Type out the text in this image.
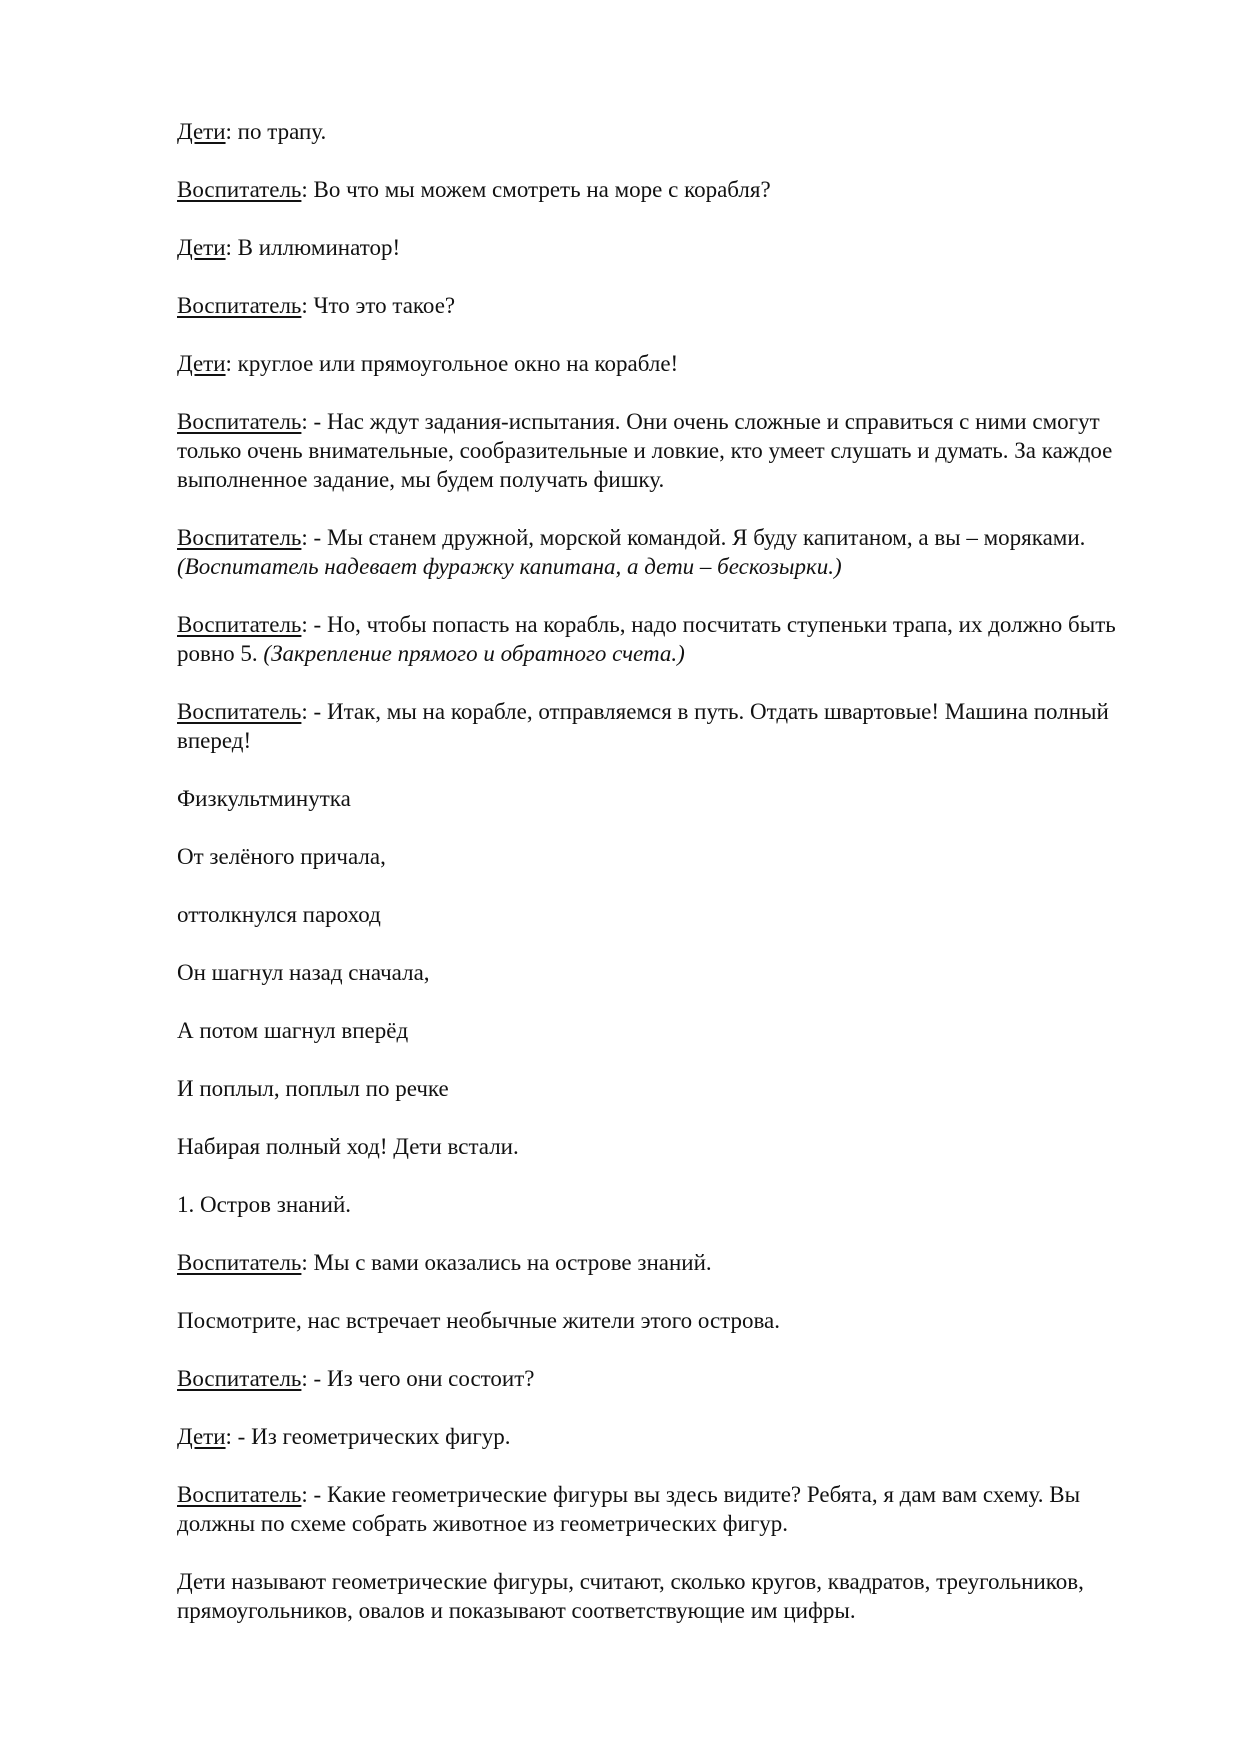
Дети: по трапу.

Воспитатель: Во что мы можем смотреть на море с корабля?

Дети: В иллюминатор!

Воспитатель: Что это такое?

Дети: круглое или прямоугольное окно на корабле!

Воспитатель: - Нас ждут задания-испытания. Они очень сложные и справиться с ними смогут только очень внимательные, сообразительные и ловкие, кто умеет слушать и думать. За каждое выполненное задание, мы будем получать фишку.

Воспитатель: - Мы станем дружной, морской командой. Я буду капитаном, а вы – моряками. (Воспитатель надевает фуражку капитана, а дети – бескозырки.)

Воспитатель: - Но, чтобы попасть на корабль, надо посчитать ступеньки трапа, их должно быть ровно 5. (Закрепление прямого и обратного счета.)

Воспитатель: - Итак, мы на корабле, отправляемся в путь. Отдать швартовые! Машина полный вперед!

Физкультминутка

От зелёного причала,

оттолкнулся пароход

Он шагнул назад сначала,

А потом шагнул вперёд

И поплыл, поплыл по речке

Набирая полный ход! Дети встали.

1. Остров знаний.

Воспитатель: Мы с вами оказались на острове знаний.

Посмотрите, нас встречает необычные жители этого острова.

Воспитатель: - Из чего они состоит?

Дети: - Из геометрических фигур.

Воспитатель: - Какие геометрические фигуры вы здесь видите? Ребята, я дам вам схему. Вы должны по схеме собрать животное из геометрических фигур.

Дети называют геометрические фигуры, считают, сколько кругов, квадратов, треугольников, прямоугольников, овалов и показывают соответствующие им цифры.
